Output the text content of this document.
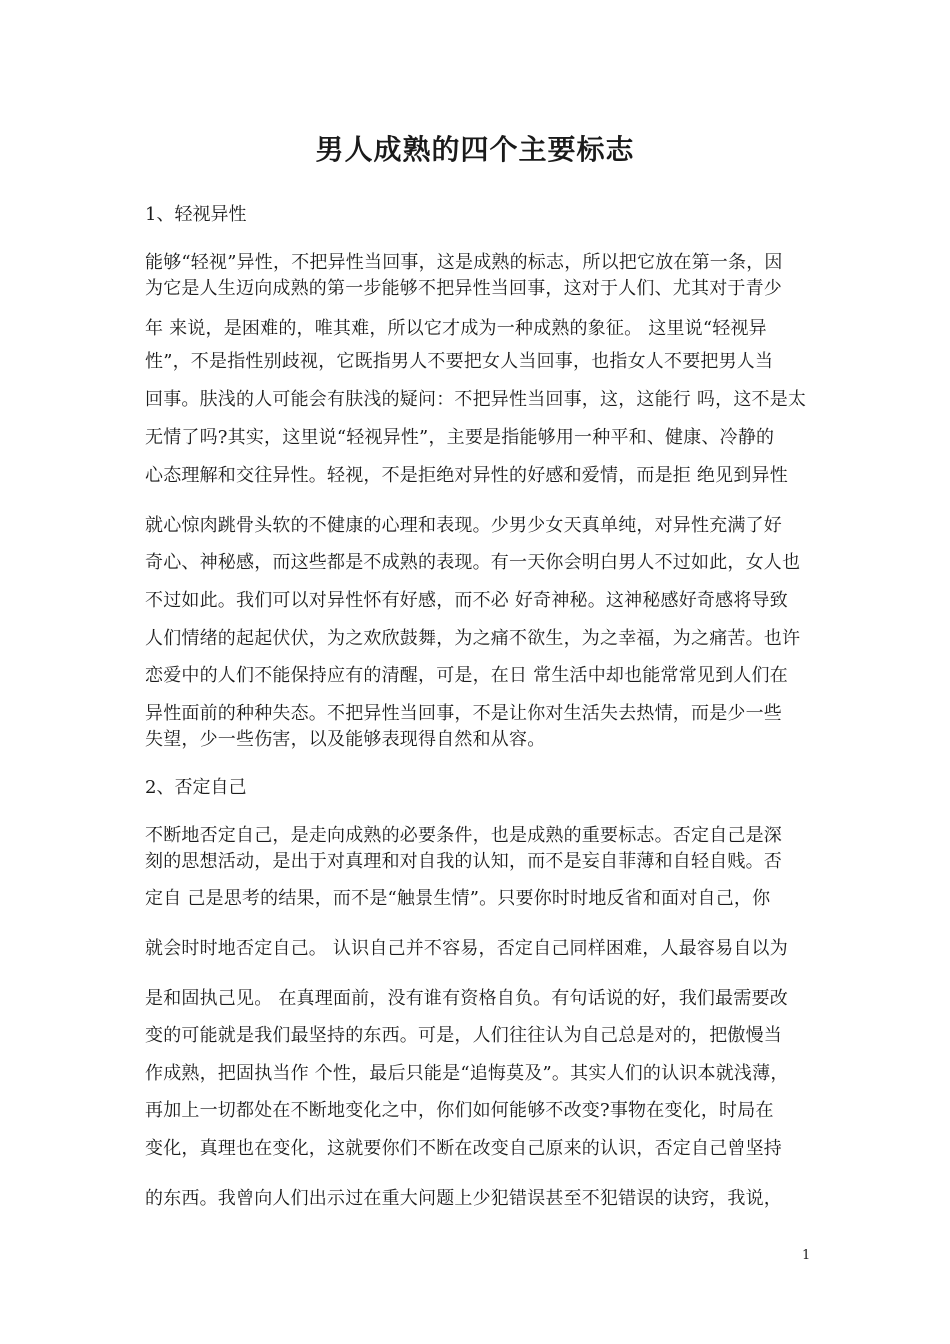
男人成熟的四个主要标志
1、轻视异性
能够“轻视”异性，不把异性当回事，这是成熟的标志，所以把它放在第一条，因
为它是人生迈向成熟的第一步能够不把异性当回事，这对于人们、尤其对于青少
年 来说，是困难的，唯其难，所以它才成为一种成熟的象征。 这里说“轻视异
性”，不是指性别歧视，它既指男人不要把女人当回事，也指女人不要把男人当
回事。肤浅的人可能会有肤浅的疑问：不把异性当回事，这，这能行 吗，这不是太
无情了吗?其实，这里说“轻视异性”，主要是指能够用一种平和、健康、冷静的
心态理解和交往异性。轻视，不是拒绝对异性的好感和爱情，而是拒 绝见到异性
就心惊肉跳骨头软的不健康的心理和表现。少男少女天真单纯，对异性充满了好
奇心、神秘感，而这些都是不成熟的表现。有一天你会明白男人不过如此，女人也
不过如此。我们可以对异性怀有好感，而不必 好奇神秘。这神秘感好奇感将导致
人们情绪的起起伏伏，为之欢欣鼓舞，为之痛不欲生，为之幸福，为之痛苦。也许
恋爱中的人们不能保持应有的清醒，可是，在日 常生活中却也能常常见到人们在
异性面前的种种失态。不把异性当回事，不是让你对生活失去热情，而是少一些
失望，少一些伤害，以及能够表现得自然和从容。
2、否定自己
不断地否定自己，是走向成熟的必要条件，也是成熟的重要标志。否定自己是深
刻的思想活动，是出于对真理和对自我的认知，而不是妄自菲薄和自轻自贱。否
定自 己是思考的结果，而不是“触景生情”。只要你时时地反省和面对自己，你
就会时时地否定自己。 认识自己并不容易，否定自己同样困难，人最容易自以为
是和固执己见。 在真理面前，没有谁有资格自负。有句话说的好，我们最需要改
变的可能就是我们最坚持的东西。可是，人们往往认为自己总是对的，把傲慢当
作成熟，把固执当作 个性，最后只能是“追悔莫及”。其实人们的认识本就浅薄，
再加上一切都处在不断地变化之中，你们如何能够不改变?事物在变化，时局在
变化，真理也在变化，这就要你们不断在改变自己原来的认识，否定自己曾坚持
的东西。我曾向人们出示过在重大问题上少犯错误甚至不犯错误的诀窍，我说，
1
